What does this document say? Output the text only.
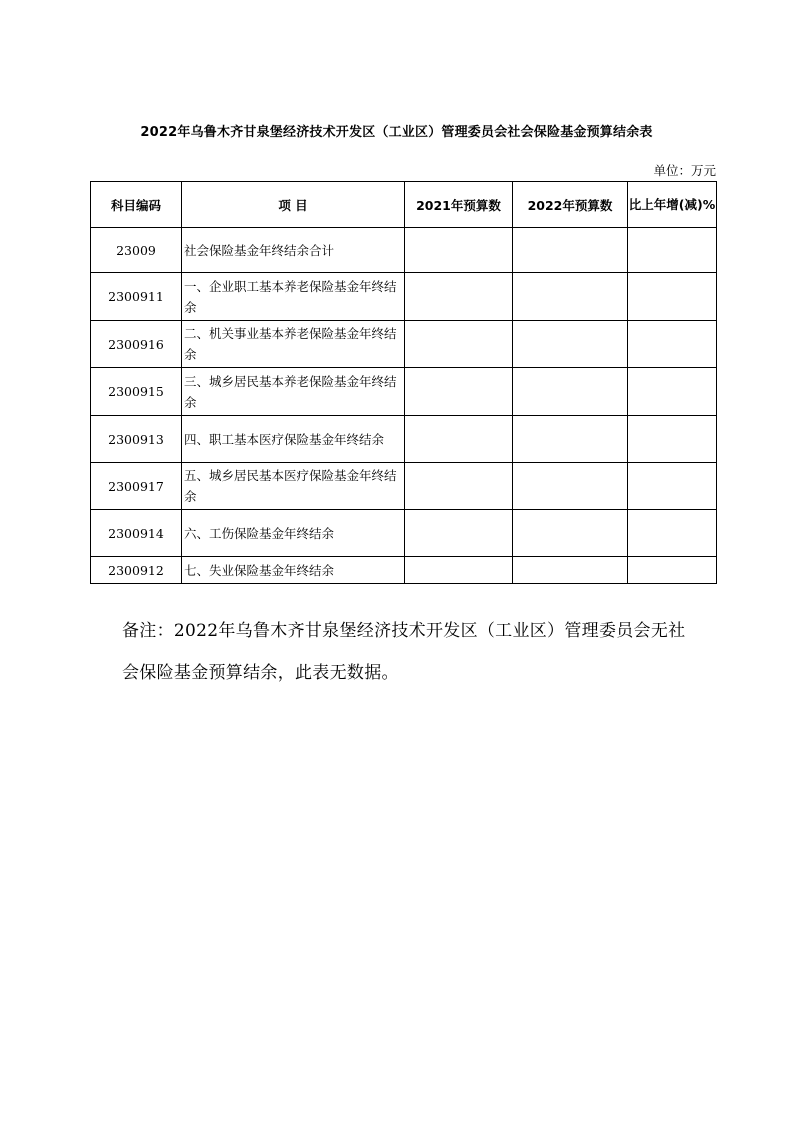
2022年乌鲁木齐甘泉堡经济技术开发区（工业区）管理委员会社会保险基金预算结余表
单位：万元
科目编码	项 目	2021年预算数	2022年预算数	比上年增(减)%
23009	社会保险基金年终结余合计			
2300911	一、企业职工基本养老保险基金年终结余			
2300916	二、机关事业基本养老保险基金年终结余			
2300915	三、城乡居民基本养老保险基金年终结余			
2300913	四、职工基本医疗保险基金年终结余			
2300917	五、城乡居民基本医疗保险基金年终结余			
2300914	六、工伤保险基金年终结余			
2300912	七、失业保险基金年终结余			
备注：2022年乌鲁木齐甘泉堡经济技术开发区（工业区）管理委员会无社会保险基金预算结余，此表无数据。
